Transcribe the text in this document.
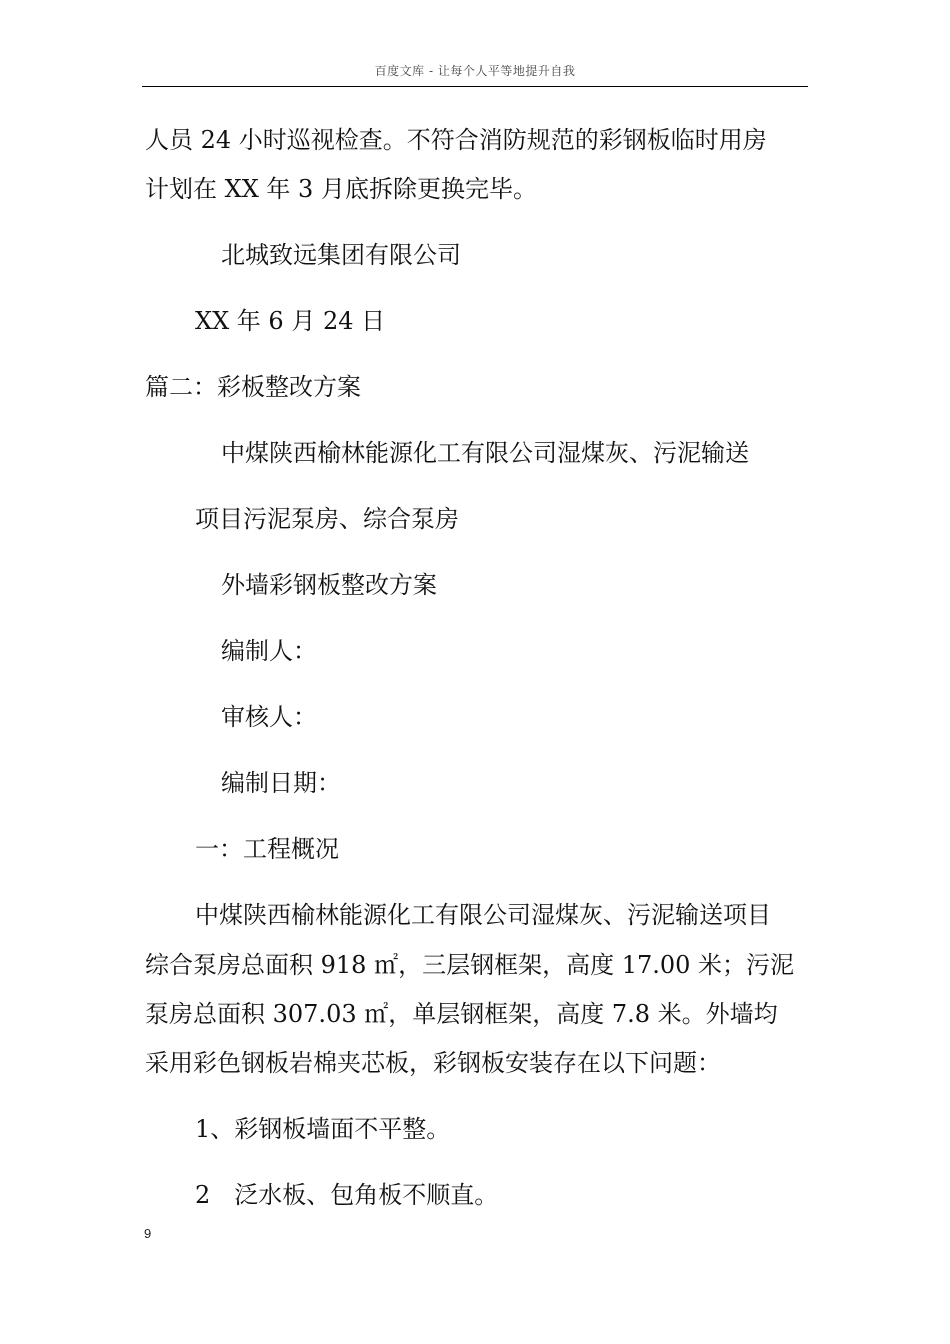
百度文库 - 让每个人平等地提升自我
人员 24 小时巡视检查。不符合消防规范的彩钢板临时用房
计划在 XX 年 3 月底拆除更换完毕。
北城致远集团有限公司
XX 年 6 月 24 日
篇二：彩板整改方案
中煤陕西榆林能源化工有限公司湿煤灰、污泥输送
项目污泥泵房、综合泵房
外墙彩钢板整改方案
编制人：
审核人：
编制日期：
一：工程概况
中煤陕西榆林能源化工有限公司湿煤灰、污泥输送项目
综合泵房总面积 918 ㎡，三层钢框架，高度 17.00 米；污泥
泵房总面积 307.03 ㎡，单层钢框架，高度 7.8 米。外墙均
采用彩色钢板岩棉夹芯板，彩钢板安装存在以下问题：
1、彩钢板墙面不平整。
2　泛水板、包角板不顺直。
9
